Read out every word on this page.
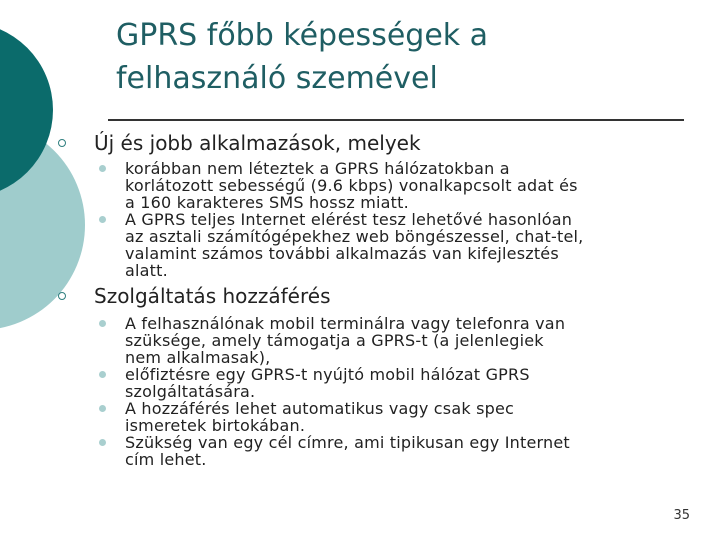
GPRS főbb képességek a
felhasználó szemével
Új és jobb alkalmazások, melyek
korábban nem léteztek a GPRS hálózatokban a
korlátozott sebességű (9.6 kbps) vonalkapcsolt adat és
a 160 karakteres SMS hossz miatt.
A GPRS teljes Internet elérést tesz lehetővé hasonlóan
az asztali számítógépekhez web böngészessel, chat-tel,
valamint számos további alkalmazás van kifejlesztés
alatt.
Szolgáltatás hozzáférés
A felhasználónak mobil terminálra vagy telefonra van
szüksége, amely támogatja a GPRS-t (a jelenlegiek
nem alkalmasak),
előfiztésre egy GPRS-t nyújtó mobil hálózat GPRS
szolgáltatására.
A hozzáférés lehet automatikus vagy csak spec
ismeretek birtokában.
Szükség van egy cél címre, ami tipikusan egy Internet
cím lehet.
35
